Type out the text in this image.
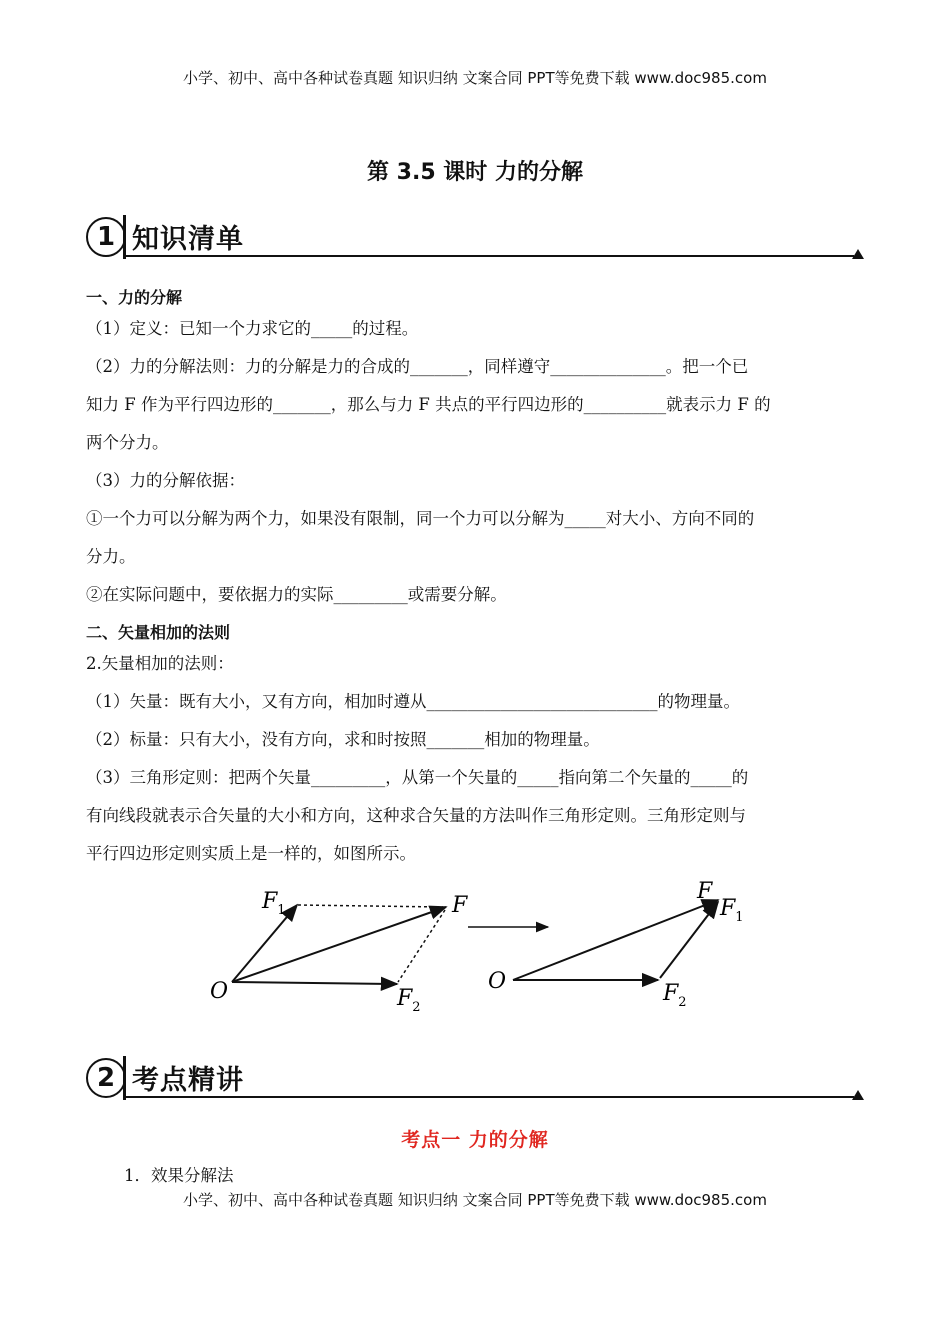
小学、初中、高中各种试卷真题 知识归纳 文案合同 PPT等免费下载 www.doc985.com
第 3.5 课时 力的分解
1 知识清单
一、力的分解
（1）定义：已知一个力求它的_____的过程。
（2）力的分解法则：力的分解是力的合成的_______，同样遵守______________。把一个已
知力 F 作为平行四边形的_______，那么与力 F 共点的平行四边形的__________就表示力 F 的
两个分力。
（3）力的分解依据：
①一个力可以分解为两个力，如果没有限制，同一个力可以分解为_____对大小、方向不同的
分力。
②在实际问题中，要依据力的实际_________或需要分解。
二、矢量相加的法则
2.矢量相加的法则：
（1）矢量：既有大小，又有方向，相加时遵从____________________________的物理量。
（2）标量：只有大小，没有方向，求和时按照_______相加的物理量。
（3）三角形定则：把两个矢量_________，从第一个矢量的_____指向第二个矢量的_____的
有向线段就表示合矢量的大小和方向，这种求合矢量的方法叫作三角形定则。三角形定则与
平行四边形定则实质上是一样的，如图所示。
$F_1$	F
O	$F_2$
F
$F_1$
O	$F_2$
2 考点精讲
考点一 力的分解
1．效果分解法
小学、初中、高中各种试卷真题 知识归纳 文案合同 PPT等免费下载 www.doc985.com
